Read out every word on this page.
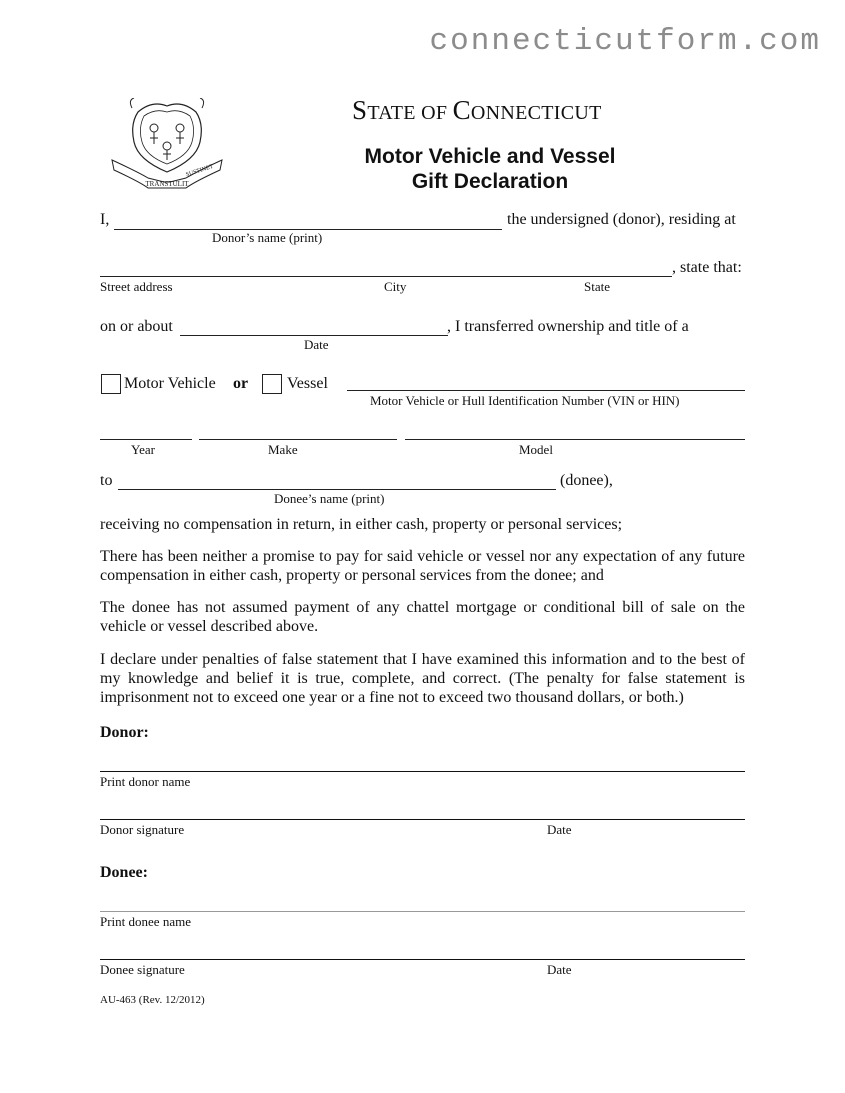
connecticutform.com
TRANSTULIT
SUSTINET
STATE OF CONNECTICUT
Motor Vehicle and Vessel
Gift Declaration
I,	the undersigned (donor), residing at
Donor’s name (print)
, state that:
Street address	City	State
on or about	, I transferred ownership and title of a
Date
Motor Vehicle or Vessel
Motor Vehicle or Hull Identification Number (VIN or HIN)
Year	Make	Model
to	(donee),
Donee’s name (print)
receiving no compensation in return, in either cash, property or personal services;
There has been neither a promise to pay for said vehicle or vessel nor any expectation of any future compensation in either cash, property or personal services from the donee; and
The donee has not assumed payment of any chattel mortgage or conditional bill of sale on the vehicle or vessel described above.
I declare under penalties of false statement that I have examined this information and to the best of my knowledge and belief it is true, complete, and correct. (The penalty for false statement is imprisonment not to exceed one year or a fine not to exceed two thousand dollars, or both.)
Donor:
Print donor name
Donor signature	Date
Donee:
Print donee name
Donee signature	Date
AU-463 (Rev. 12/2012)
